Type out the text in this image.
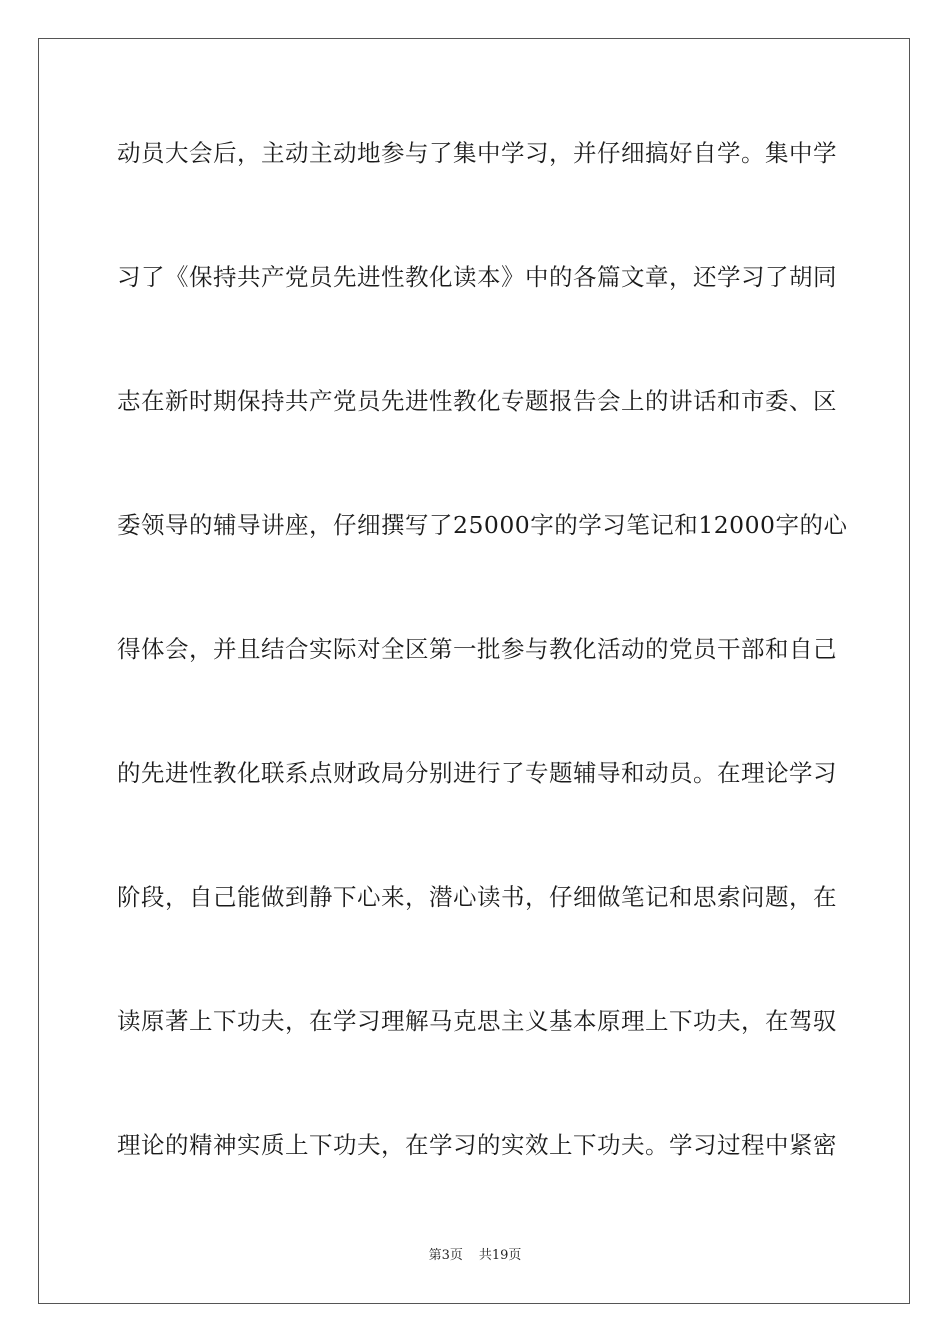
动员大会后，主动主动地参与了集中学习，并仔细搞好自学。集中学
习了《保持共产党员先进性教化读本》中的各篇文章，还学习了胡同
志在新时期保持共产党员先进性教化专题报告会上的讲话和市委、区
委领导的辅导讲座，仔细撰写了25000字的学习笔记和12000字的心
得体会，并且结合实际对全区第一批参与教化活动的党员干部和自己
的先进性教化联系点财政局分别进行了专题辅导和动员。在理论学习
阶段，自己能做到静下心来，潜心读书，仔细做笔记和思索问题，在
读原著上下功夫，在学习理解马克思主义基本原理上下功夫，在驾驭
理论的精神实质上下功夫，在学习的实效上下功夫。学习过程中紧密
第3页 共19页
